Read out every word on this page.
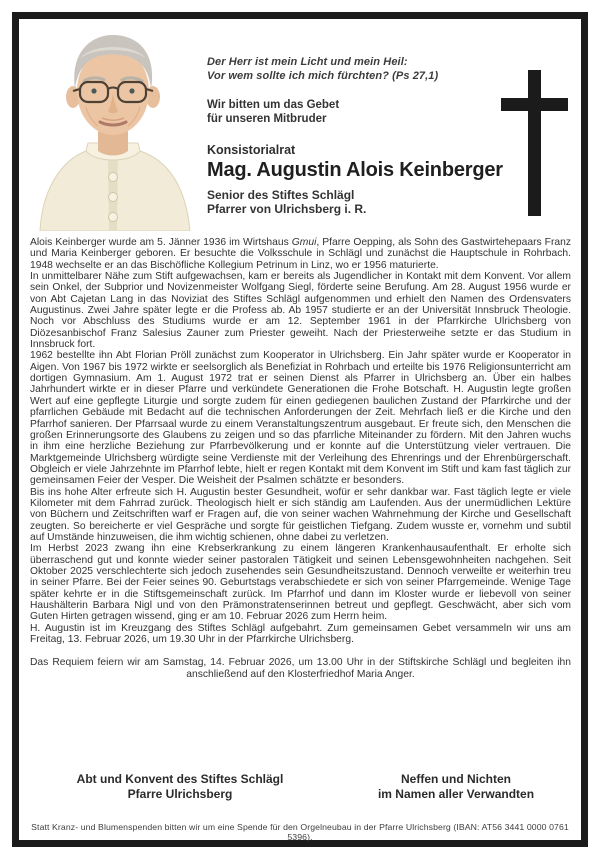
Der Herr ist mein Licht und mein Heil:
Vor wem sollte ich mich fürchten? (Ps 27,1)
Wir bitten um das Gebet
für unseren Mitbruder
Konsistorialrat
Mag. Augustin Alois Keinberger
Senior des Stiftes Schlägl
Pfarrer von Ulrichsberg i. R.

Alois Keinberger wurde am 5. Jänner 1936 im Wirtshaus Gmui, Pfarre Oepping, als Sohn des Gastwirtehepaars Franz und Maria Keinberger geboren. Er besuchte die Volksschule in Schlägl und zunächst die Hauptschule in Rohrbach. 1948 wechselte er an das Bischöfliche Kollegium Petrinum in Linz, wo er 1956 maturierte.

In unmittelbarer Nähe zum Stift aufgewachsen, kam er bereits als Jugendlicher in Kontakt mit dem Konvent. Vor allem sein Onkel, der Subprior und Novizenmeister Wolfgang Siegl, förderte seine Berufung. Am 28. August 1956 wurde er von Abt Cajetan Lang in das Noviziat des Stiftes Schlägl aufgenommen und erhielt den Namen des Ordensvaters Augustinus. Zwei Jahre später legte er die Profess ab. Ab 1957 studierte er an der Universität Innsbruck Theologie. Noch vor Abschluss des Studiums wurde er am 12. September 1961 in der Pfarrkirche Ulrichsberg von Diözesanbischof Franz Salesius Zauner zum Priester geweiht. Nach der Priesterweihe setzte er das Studium in Innsbruck fort.

1962 bestellte ihn Abt Florian Pröll zunächst zum Kooperator in Ulrichsberg. Ein Jahr später wurde er Kooperator in Aigen. Von 1967 bis 1972 wirkte er seelsorglich als Benefiziat in Rohrbach und erteilte bis 1976 Religionsunterricht am dortigen Gymnasium. Am 1. August 1972 trat er seinen Dienst als Pfarrer in Ulrichsberg an. Über ein halbes Jahrhundert wirkte er in dieser Pfarre und verkündete Generationen die Frohe Botschaft. H. Augustin legte großen Wert auf eine gepflegte Liturgie und sorgte zudem für einen gediegenen baulichen Zustand der Pfarrkirche und der pfarrlichen Gebäude mit Bedacht auf die technischen Anforderungen der Zeit. Mehrfach ließ er die Kirche und den Pfarrhof sanieren. Der Pfarrsaal wurde zu einem Veranstaltungszentrum ausgebaut. Er freute sich, den Menschen die großen Erinnerungsorte des Glaubens zu zeigen und so das pfarrliche Miteinander zu fördern. Mit den Jahren wuchs in ihm eine herzliche Beziehung zur Pfarrbevölkerung und er konnte auf die Unterstützung vieler vertrauen. Die Marktgemeinde Ulrichsberg würdigte seine Verdienste mit der Verleihung des Ehrenrings und der Ehrenbürgerschaft. Obgleich er viele Jahrzehnte im Pfarrhof lebte, hielt er regen Kontakt mit dem Konvent im Stift und kam fast täglich zur gemeinsamen Feier der Vesper. Die Weisheit der Psalmen schätzte er besonders.

Bis ins hohe Alter erfreute sich H. Augustin bester Gesundheit, wofür er sehr dankbar war. Fast täglich legte er viele Kilometer mit dem Fahrrad zurück. Theologisch hielt er sich ständig am Laufenden. Aus der unermüdlichen Lektüre von Büchern und Zeitschriften warf er Fragen auf, die von seiner wachen Wahrnehmung der Kirche und Gesellschaft zeugten. So bereicherte er viel Gespräche und sorgte für geistlichen Tiefgang. Zudem wusste er, vornehm und subtil auf Umstände hinzuweisen, die ihm wichtig schienen, ohne dabei zu verletzen.

Im Herbst 2023 zwang ihn eine Krebserkrankung zu einem längeren Krankenhausaufenthalt. Er erholte sich überraschend gut und konnte wieder seiner pastoralen Tätigkeit und seinen Lebensgewohnheiten nachgehen. Seit Oktober 2025 verschlechterte sich jedoch zusehendes sein Gesundheitszustand. Dennoch verweilte er weiterhin treu in seiner Pfarre. Bei der Feier seines 90. Geburtstags verabschiedete er sich von seiner Pfarrgemeinde. Wenige Tage später kehrte er in die Stiftsgemeinschaft zurück. Im Pfarrhof und dann im Kloster wurde er liebevoll von seiner Haushälterin Barbara Nigl und von den Prämonstratenserinnen betreut und gepflegt. Geschwächt, aber sich vom Guten Hirten getragen wissend, ging er am 10. Februar 2026 zum Herrn heim.

H. Augustin ist im Kreuzgang des Stiftes Schlägl aufgebahrt. Zum gemeinsamen Gebet versammeln wir uns am Freitag, 13. Februar 2026, um 19.30 Uhr in der Pfarrkirche Ulrichsberg.

Das Requiem feiern wir am Samstag, 14. Februar 2026, um 13.00 Uhr in der Stiftskirche Schlägl und begleiten ihn anschließend auf den Klosterfriedhof Maria Anger.

Abt und Konvent des Stiftes Schlägl
Pfarre Ulrichsberg
Neffen und Nichten
im Namen aller Verwandten
Statt Kranz- und Blumenspenden bitten wir um eine Spende für den Orgelneubau in der Pfarre Ulrichsberg (IBAN: AT56 3441 0000 0761 5396).
